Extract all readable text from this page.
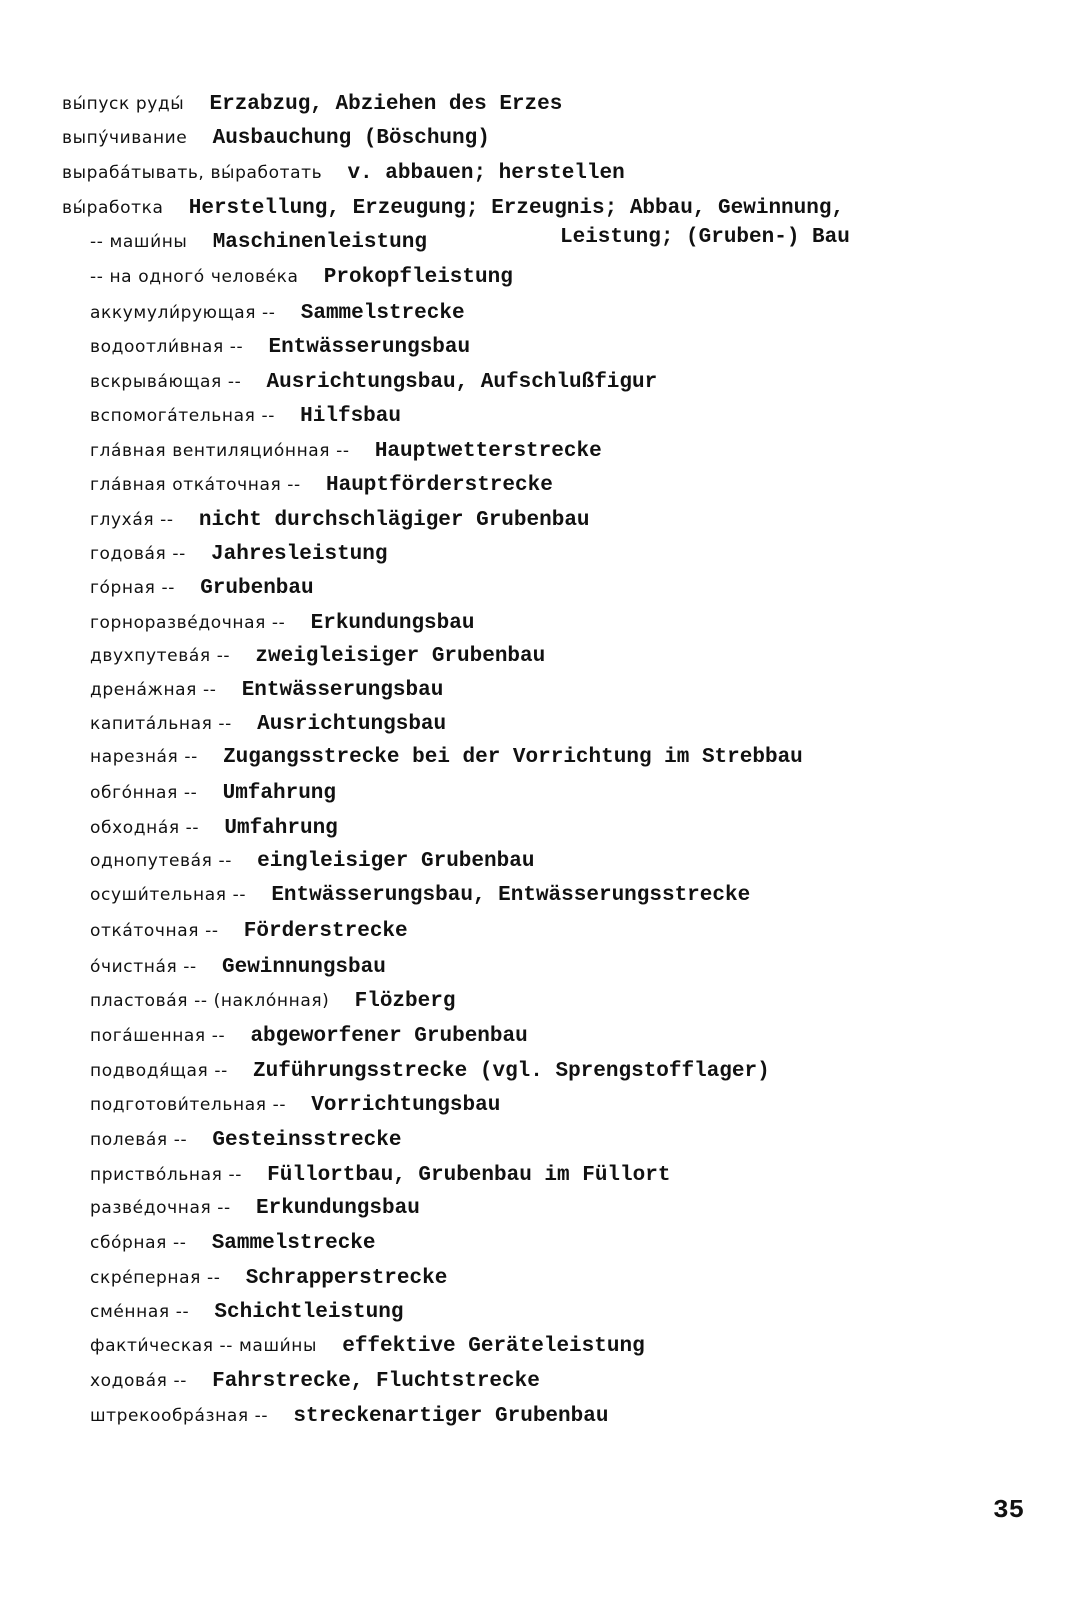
вы́пуск руды́ Erzabzug, Abziehen des Erzes
выпу́чивание Ausbauchung (Böschung)
выраба́тывать, вы́работать v. abbauen; herstellen
вы́работка Herstellung, Erzeugung; Erzeugnis; Abbau, Gewinnung,
-- маши́ны Maschinenleistung	Leistung; (Gruben-) Bau
-- на одного́ челове́ка Prokopfleistung
аккумули́рующая -- Sammelstrecke
водоотли́вная -- Entwässerungsbau
вскрыва́ющая -- Ausrichtungsbau, Aufschlußfigur
вспомога́тельная -- Hilfsbau
гла́вная вентиляцио́нная -- Hauptwetterstrecke
гла́вная отка́точная -- Hauptförderstrecke
глуха́я -- nicht durchschlägiger Grubenbau
годова́я -- Jahresleistung
го́рная -- Grubenbau
горноразве́дочная -- Erkundungsbau
двухпутева́я -- zweigleisiger Grubenbau
дрена́жная -- Entwässerungsbau
капита́льная -- Ausrichtungsbau
нарезна́я -- Zugangsstrecke bei der Vorrichtung im Strebbau
обго́нная -- Umfahrung
обходна́я -- Umfahrung
однопутева́я -- eingleisiger Grubenbau
осуши́тельная -- Entwässerungsbau, Entwässerungsstrecke
отка́точная -- Förderstrecke
о́чистна́я -- Gewinnungsbau
пластова́я -- (накло́нная) Flözberg
пога́шенная -- abgeworfener Grubenbau
подводя́щая -- Zuführungsstrecke (vgl. Sprengstofflager)
подготови́тельная -- Vorrichtungsbau
полева́я -- Gesteinsstrecke
приство́льная -- Füllortbau, Grubenbau im Füllort
разве́дочная -- Erkundungsbau
сбо́рная -- Sammelstrecke
скре́перная -- Schrapperstrecke
сме́нная -- Schichtleistung
факти́ческая -- маши́ны effektive Geräteleistung
ходова́я -- Fahrstrecke, Fluchtstrecke
штрекообра́зная -- streckenartiger Grubenbau
35
